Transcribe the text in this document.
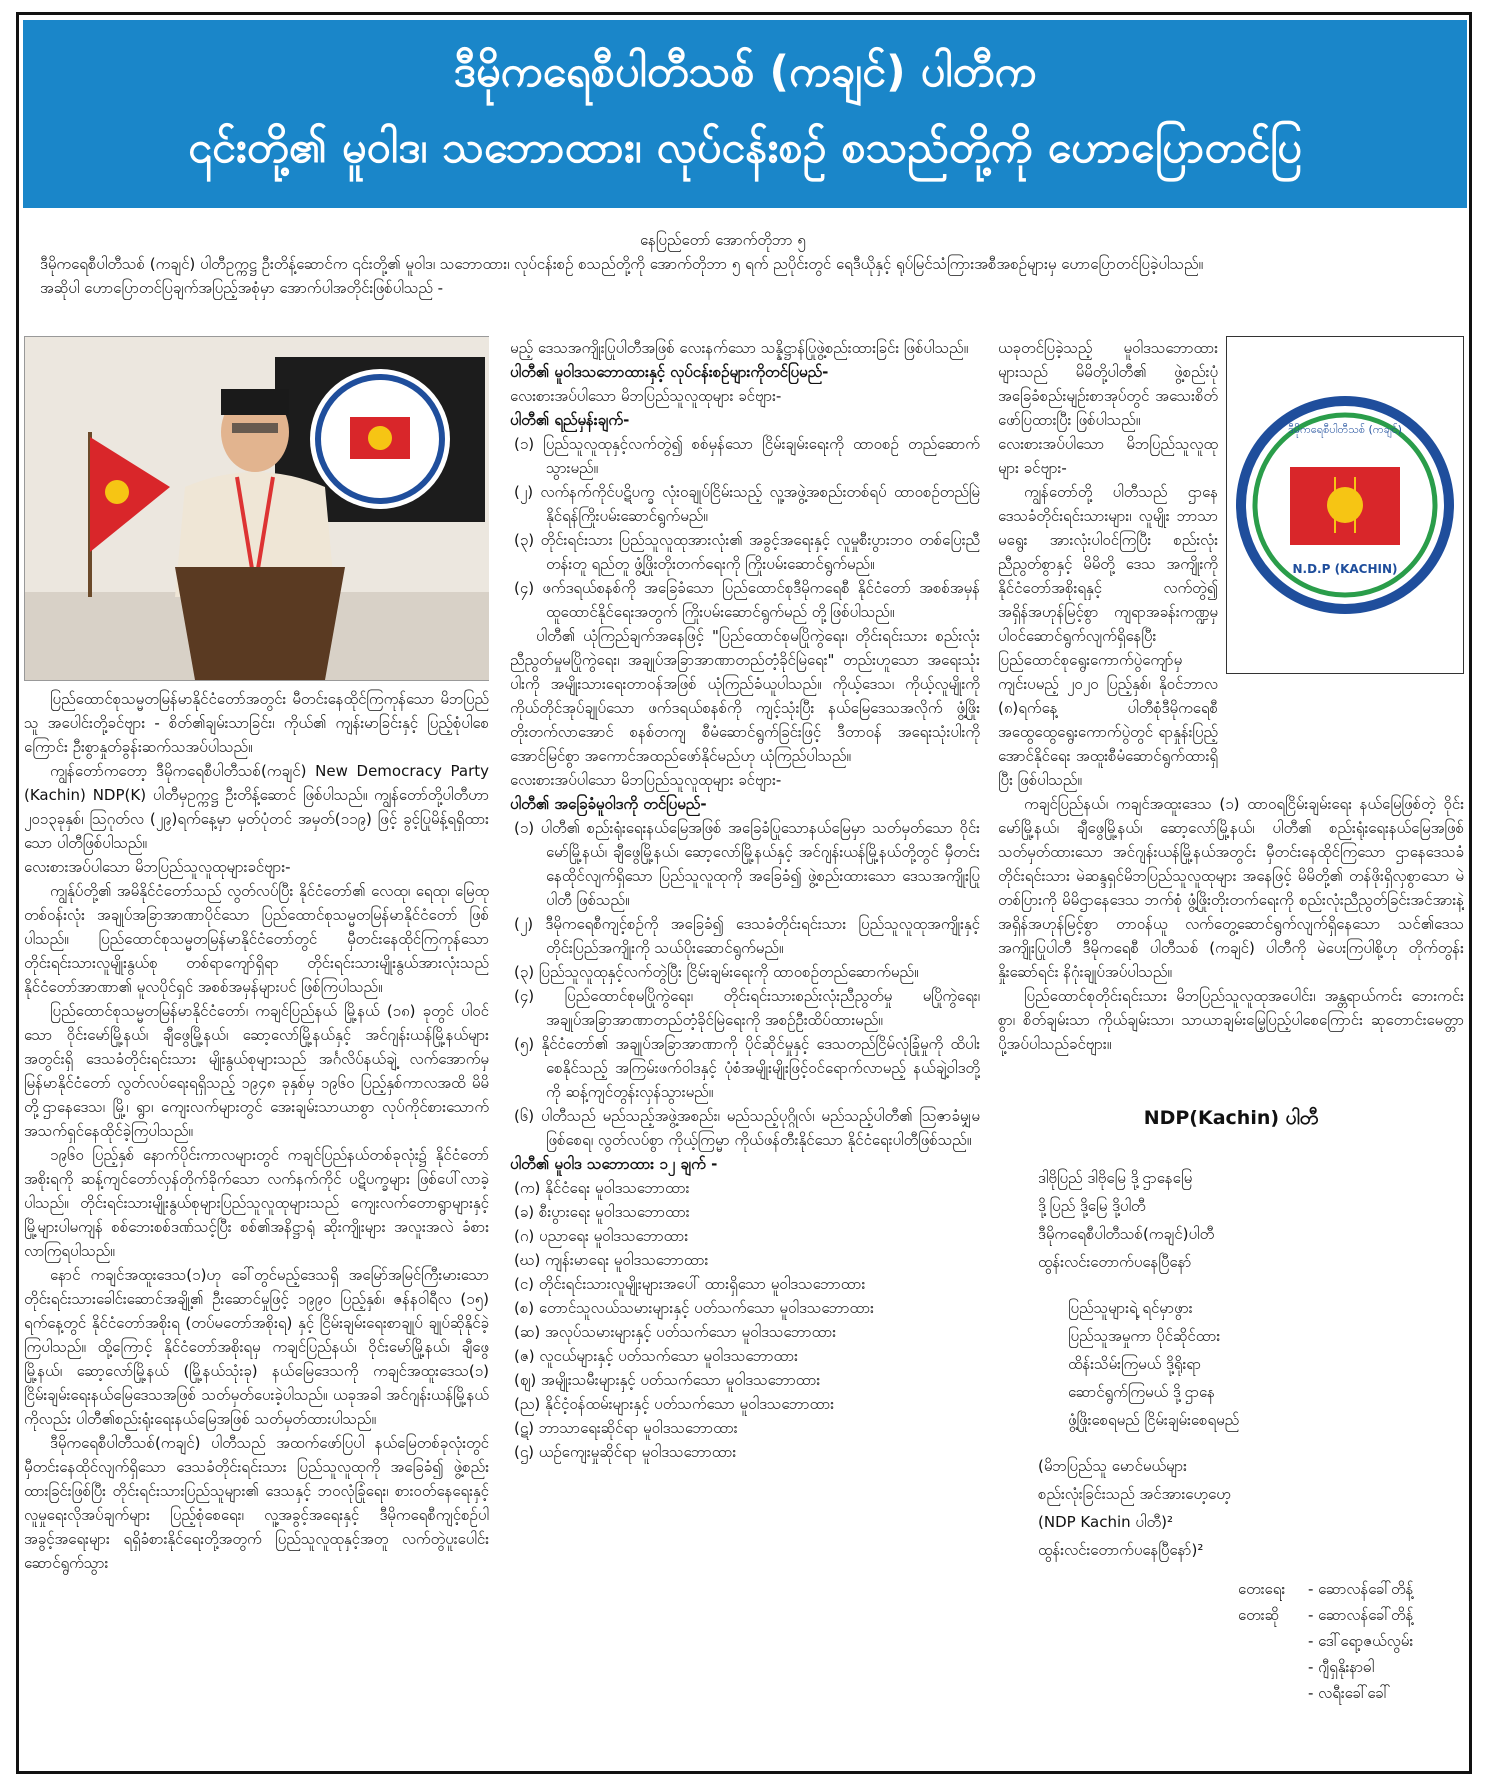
ဒီမိုကရေစီပါတီသစ် (ကချင်) ပါတီက
၎င်းတို့၏ မူဝါဒ၊ သဘောထား၊ လုပ်ငန်းစဉ် စသည်တို့ကို ဟောပြောတင်ပြ

နေပြည်တော် အောက်တိုဘာ ၅

ဒီမိုကရေစီပါတီသစ် (ကချင်) ပါတီဥက္ကဋ္ဌ ဦးတိန့်ဆောင်က ၎င်းတို့၏ မူဝါဒ၊ သဘောထား၊ လုပ်ငန်းစဉ် စသည်တို့ကို အောက်တိုဘာ ၅ ရက် ညပိုင်းတွင် ရေဒီယိုနှင့် ရုပ်မြင်သံကြားအစီအစဉ်များမှ ဟောပြောတင်ပြခဲ့ပါသည်။

အဆိုပါ ဟောပြောတင်ပြချက်အပြည့်အစုံမှာ အောက်ပါအတိုင်းဖြစ်ပါသည် -

ပြည်ထောင်စုသမ္မတမြန်မာနိုင်ငံတော်အတွင်း မီတင်းနေထိုင်ကြကုန်သော မိဘပြည်သူ အပေါင်းတို့ခင်ဗျား - စိတ်၏ချမ်းသာခြင်း၊ ကိုယ်၏ ကျန်းမာခြင်းနှင့် ပြည့်စုံပါစေကြောင်း ဦးစွာနှုတ်ခွန်းဆက်သအပ်ပါသည်။

ကျွန်တော်ကတော့ ဒီမိုကရေစီပါတီသစ်(ကချင်) New Democracy Party (Kachin) NDP(K) ပါတီမှဥက္ကဋ္ဌ ဦးတိန့်ဆောင် ဖြစ်ပါသည်။ ကျွန်တော်တို့ပါတီဟာ ၂၀၁၃ခုနှစ်၊ ဩဂုတ်လ (၂၉)ရက်နေ့မှာ မှတ်ပုံတင် အမှတ်(၁၁၉) ဖြင့် ခွင့်ပြုမိန့်ရရှိထားသော ပါတီဖြစ်ပါသည်။

လေးစားအပ်ပါသော မိဘပြည်သူလူထုများခင်ဗျား-

ကျွန်ုပ်တို့၏ အမိနိုင်ငံတော်သည် လွတ်လပ်ပြီး နိုင်ငံတော်၏ လေထု၊ ရေထု၊ မြေထုတစ်ဝန်းလုံး အချုပ်အခြာအာဏာပိုင်သော ပြည်ထောင်စုသမ္မတမြန်မာနိုင်ငံတော် ဖြစ်ပါသည်။ ပြည်ထောင်စုသမ္မတမြန်မာနိုင်ငံတော်တွင် မှီတင်းနေထိုင်ကြကုန်သော တိုင်းရင်းသားလူမျိုးနွယ်စု တစ်ရာကျော်ရှိရာ တိုင်းရင်းသားမျိုးနွယ်အားလုံးသည် နိုင်ငံတော်အာဏာ၏ မူလပိုင်ရှင် အစစ်အမှန်များပင် ဖြစ်ကြပါသည်။

ပြည်ထောင်စုသမ္မတမြန်မာနိုင်ငံတော်၊ ကချင်ပြည်နယ် မြို့နယ် (၁၈) ခုတွင် ပါဝင်သော ဝိုင်းမော်မြို့နယ်၊ ချီဖွေမြို့နယ်၊ ဆော့လော်မြို့နယ်နှင့် အင်ဂျန်းယန်မြို့နယ်များအတွင်းရှိ ဒေသခံတိုင်းရင်းသား မျိုးနွယ်စုများသည် အင်္ဂလိပ်နယ်ချဲ့ လက်အောက်မှ မြန်မာနိုင်ငံတော် လွတ်လပ်ရေးရရှိသည့် ၁၉၄၈ ခုနှစ်မှ ၁၉၆၀ ပြည့်နှစ်ကာလအထိ မိမိတို့ဌာနေဒေသ၊ မြို့၊ ရွာ၊ ကျေးလက်များတွင် အေးချမ်းသာယာစွာ လုပ်ကိုင်စားသောက် အသက်ရှင်နေထိုင်ခဲ့ကြပါသည်။

၁၉၆၀ ပြည့်နှစ် နောက်ပိုင်းကာလများတွင် ကချင်ပြည်နယ်တစ်ခုလုံး၌ နိုင်ငံတော်အစိုးရကို ဆန့်ကျင်တော်လှန်တိုက်ခိုက်သော လက်နက်ကိုင် ပဋိပက္ခများ ဖြစ်ပေါ်လာခဲ့ပါသည်။ တိုင်းရင်းသားမျိုးနွယ်စုများပြည်သူလူထုများသည် ကျေးလက်တောရွာများနှင့် မြို့များပါမကျန် စစ်ဘေးစစ်ဒဏ်သင့်ပြီး စစ်၏အနိဋ္ဌာရုံ ဆိုးကျိုးများ အလူးအလဲ ခံစားလာကြရပါသည်။

နောင် ကချင်အထူးဒေသ(၁)ဟု ခေါ်တွင်မည့်ဒေသရှိ အမြော်အမြင်ကြီးမားသော တိုင်းရင်းသားခေါင်းဆောင်အချို့၏ ဦးဆောင်မှုဖြင့် ၁၉၉၀ ပြည့်နှစ်၊ ဇန်နဝါရီလ (၁၅) ရက်နေ့တွင် နိုင်ငံတော်အစိုးရ (တပ်မတော်အစိုးရ) နှင့် ငြိမ်းချမ်းရေးစာချုပ် ချုပ်ဆိုနိုင်ခဲ့ကြပါသည်။ ထို့ကြောင့် နိုင်ငံတော်အစိုးရမှ ကချင်ပြည်နယ်၊ ဝိုင်းမော်မြို့နယ်၊ ချီဖွေမြို့နယ်၊ ဆော့လော်မြို့နယ် (မြို့နယ်သုံးခု) နယ်မြေဒေသကို ကချင်အထူးဒေသ(၁) ငြိမ်းချမ်းရေးနယ်မြေဒေသအဖြစ် သတ်မှတ်ပေးခဲ့ပါသည်။ ယခုအခါ အင်ဂျန်းယန်မြို့နယ်ကိုလည်း ပါတီ၏စည်းရုံးရေးနယ်မြေအဖြစ် သတ်မှတ်ထားပါသည်။

ဒီမိုကရေစီပါတီသစ်(ကချင်) ပါတီသည် အထက်ဖော်ပြပါ နယ်မြေတစ်ခုလုံးတွင် မှီတင်းနေထိုင်လျက်ရှိသော ဒေသခံတိုင်းရင်းသား ပြည်သူလူထုကို အခြေခံ၍ ဖွဲ့စည်းထားခြင်းဖြစ်ပြီး တိုင်းရင်းသားပြည်သူများ၏ ဒေသနှင့် ဘဝလုံခြုံရေး၊ စားဝတ်နေရေးနှင့် လူမှုရေးလိုအပ်ချက်များ ပြည့်စုံစေရေး၊ လူ့အခွင့်အရေးနှင့် ဒီမိုကရေစီကျင့်စဉ်ပါ အခွင့်အရေးများ ရရှိခံစားနိုင်ရေးတို့အတွက် ပြည်သူလူထုနှင့်အတူ လက်တွဲပူးပေါင်း ဆောင်ရွက်သွား

မည့် ဒေသအကျိုးပြုပါတီအဖြစ် လေးနက်သော သန္နိဋ္ဌာန်ပြုဖွဲ့စည်းထားခြင်း ဖြစ်ပါသည်။

ပါတီ၏ မူဝါဒသဘောထားနှင့် လုပ်ငန်းစဉ်များကိုတင်ပြမည်-

လေးစားအပ်ပါသော မိဘပြည်သူလူထုများ ခင်ဗျား-

ပါတီ၏ ရည်မှန်းချက်-

(၁) ပြည်သူလူထုနှင့်လက်တွဲ၍ စစ်မှန်သော ငြိမ်းချမ်းရေးကို ထာဝစဉ် တည်ဆောက်သွားမည်။

(၂) လက်နက်ကိုင်ပဋိပက္ခ လုံးဝချုပ်ငြိမ်းသည့် လူ့အဖွဲ့အစည်းတစ်ရပ် ထာဝစဉ်တည်မြဲနိုင်ရန်ကြိုးပမ်းဆောင်ရွက်မည်။

(၃) တိုင်းရင်းသား ပြည်သူလူထုအားလုံး၏ အခွင့်အရေးနှင့် လူမှုစီးပွားဘဝ တစ်ပြေးညီတန်းတူ ရည်တူ ဖွံ့ဖြိုးတိုးတက်ရေးကို ကြိုးပမ်းဆောင်ရွက်မည်။

(၄) ဖက်ဒရယ်စနစ်ကို အခြေခံသော ပြည်ထောင်စုဒီမိုကရေစီ နိုင်ငံတော် အစစ်အမှန်ထူထောင်နိုင်ရေးအတွက် ကြိုးပမ်းဆောင်ရွက်မည် တို့ဖြစ်ပါသည်။

ပါတီ၏ ယုံကြည်ချက်အနေဖြင့် "ပြည်ထောင်စုမပြိုကွဲရေး၊ တိုင်းရင်းသား စည်းလုံးညီညွတ်မှုမပြိုကွဲရေး၊ အချုပ်အခြာအာဏာတည်တံ့ခိုင်မြဲရေး" တည်းဟူသော အရေးသုံးပါးကို အမျိုးသားရေးတာဝန်အဖြစ် ယုံကြည်ခံယူပါသည်။ ကိုယ့်ဒေသ၊ ကိုယ့်လူမျိုးကို ကိုယ်တိုင်အုပ်ချုပ်သော ဖက်ဒရယ်စနစ်ကို ကျင့်သုံးပြီး နယ်မြေဒေသအလိုက် ဖွံ့ဖြိုးတိုးတက်လာအောင် စနစ်တကျ စီမံဆောင်ရွက်ခြင်းဖြင့် ဒီတာဝန် အရေးသုံးပါးကို အောင်မြင်စွာ အကောင်အထည်ဖော်နိုင်မည်ဟု ယုံကြည်ပါသည်။

လေးစားအပ်ပါသော မိဘပြည်သူလူထုများ ခင်ဗျား-

ပါတီ၏ အခြေခံမူဝါဒကို တင်ပြမည်-

(၁) ပါတီ၏ စည်းရုံးရေးနယ်မြေအဖြစ် အခြေခံပြုသောနယ်မြေမှာ သတ်မှတ်သော ဝိုင်းမော်မြို့နယ်၊ ချီဖွေမြို့နယ်၊ ဆော့လော်မြို့နယ်နှင့် အင်ဂျန်းယန်မြို့နယ်တို့တွင် မှီတင်းနေထိုင်လျက်ရှိသော ပြည်သူလူထုကို အခြေခံ၍ ဖွဲ့စည်းထားသော ဒေသအကျိုးပြုပါတီ ဖြစ်သည်။

(၂) ဒီမိုကရေစီကျင့်စဉ်ကို အခြေခံ၍ ဒေသခံတိုင်းရင်းသား ပြည်သူလူထုအကျိုးနှင့် တိုင်းပြည်အကျိုးကို သယ်ပိုးဆောင်ရွက်မည်။

(၃) ပြည်သူလူထုနှင့်လက်တွဲပြီး ငြိမ်းချမ်းရေးကို ထာဝစဉ်တည်ဆောက်မည်။

(၄) ပြည်ထောင်စုမပြိုကွဲရေး၊ တိုင်းရင်းသားစည်းလုံးညီညွတ်မှု မပြိုကွဲရေး၊ အချုပ်အခြာအာဏာတည်တံ့ခိုင်မြဲရေးကို အစဉ်ဦးထိပ်ထားမည်။

(၅) နိုင်ငံတော်၏ အချုပ်အခြာအာဏာကို ပိုင်ဆိုင်မှုနှင့် ဒေသတည်ငြိမ်လုံခြုံမှုကို ထိပါးစေနိုင်သည့် အကြမ်းဖက်ဝါဒနှင့် ပုံစံအမျိုးမျိုးဖြင့်ဝင်ရောက်လာမည့် နယ်ချဲ့ဝါဒတို့ကို ဆန့်ကျင်တွန်းလှန်သွားမည်။

(၆) ပါတီသည် မည်သည့်အဖွဲ့အစည်း၊ မည်သည့်ပုဂ္ဂိုလ်၊ မည်သည့်ပါတီ၏ ဩဇာခံမျှမဖြစ်စေရ၊ လွတ်လပ်စွာ ကိုယ့်ကြမ္မာ ကိုယ်ဖန်တီးနိုင်သော နိုင်ငံရေးပါတီဖြစ်သည်။

ပါတီ၏ မူဝါဒ သဘောထား ၁၂ ချက် -

(က) နိုင်ငံရေး မူဝါဒသဘောထား

(ခ) စီးပွားရေး မူဝါဒသဘောထား

(ဂ) ပညာရေး မူဝါဒသဘောထား

(ဃ) ကျန်းမာရေး မူဝါဒသဘောထား

(င) တိုင်းရင်းသားလူမျိုးများအပေါ် ထားရှိသော မူဝါဒသဘောထား

(စ) တောင်သူလယ်သမားများနှင့် ပတ်သက်သော မူဝါဒသဘောထား

(ဆ) အလုပ်သမားများနှင့် ပတ်သက်သော မူဝါဒသဘောထား

(ဇ) လူငယ်များနှင့် ပတ်သက်သော မူဝါဒသဘောထား

(ဈ) အမျိုးသမီးများနှင့် ပတ်သက်သော မူဝါဒသဘောထား

(ည) နိုင်ငံ့ဝန်ထမ်းများနှင့် ပတ်သက်သော မူဝါဒသဘောထား

(ဋ) ဘာသာရေးဆိုင်ရာ မူဝါဒသဘောထား

(ဌ) ယဉ်ကျေးမှုဆိုင်ရာ မူဝါဒသဘောထား

ဒီမိုကရေစီပါတီသစ် (ကချင်)
N.D.P (KACHIN)

ယခုတင်ပြခဲ့သည့် မူဝါဒသဘောထားများသည် မိမိတို့ပါတီ၏ ဖွဲ့စည်းပုံ အခြေခံစည်းမျဉ်းစာအုပ်တွင် အသေးစိတ်ဖော်ပြထားပြီး ဖြစ်ပါသည်။

လေးစားအပ်ပါသော မိဘပြည်သူလူထုများ ခင်ဗျား-

ကျွန်တော်တို့ ပါတီသည် ဌာနေ ဒေသခံတိုင်းရင်းသားများ၊ လူမျိုး ဘာသာမရွေး အားလုံးပါဝင်ကြပြီး စည်းလုံးညီညွတ်စွာနှင့် မိမိတို့ ဒေသ အကျိုးကို နိုင်ငံတော်အစိုးရနှင့် လက်တွဲ၍ အရှိန်အဟုန်မြင့်စွာ ကျရာအခန်းကဏ္ဍမှ ပါဝင်ဆောင်ရွက်လျက်ရှိနေပြီး ပြည်ထောင်စုရွေးကောက်ပွဲကျော်မှ ကျင်းပမည့် ၂၀၂၀ ပြည့်နှစ်၊ နိုဝင်ဘာလ (၈)ရက်နေ့ ပါတီစုံဒီမိုကရေစီ အထွေထွေရွေးကောက်ပွဲတွင် ရာနှုန်းပြည့်အောင်နိုင်ရေး အထူးစီမံဆောင်ရွက်ထားရှိပြီး ဖြစ်ပါသည်။

ကချင်ပြည်နယ်၊ ကချင်အထူးဒေသ (၁) ထာဝရငြိမ်းချမ်းရေး နယ်မြေဖြစ်တဲ့ ဝိုင်းမော်မြို့နယ်၊ ချီဖွေမြို့နယ်၊ ဆော့လော်မြို့နယ်၊ ပါတီ၏ စည်းရုံးရေးနယ်မြေအဖြစ် သတ်မှတ်ထားသော အင်ဂျန်းယန်မြို့နယ်အတွင်း မှီတင်းနေထိုင်ကြသော ဌာနေဒေသခံတိုင်းရင်းသား မဲဆန္ဒရှင်မိဘပြည်သူလူထုများ အနေဖြင့် မိမိတို့၏ တန်ဖိုးရှိလှစွာသော မဲတစ်ပြားကို မိမိဌာနေဒေသ ဘက်စုံ ဖွံ့ဖြိုးတိုးတက်ရေးကို စည်းလုံးညီညွတ်ခြင်းအင်အားနဲ့ အရှိန်အဟုန်မြင့်စွာ တာဝန်ယူ လက်တွေ့ဆောင်ရွက်လျက်ရှိနေသော သင်၏ဒေသအကျိုးပြုပါတီ ဒီမိုကရေစီ ပါတီသစ် (ကချင်) ပါတီကို မဲပေးကြပါစို့ဟု တိုက်တွန်းနှိုးဆော်ရင်း နိဂုံးချုပ်အပ်ပါသည်။

ပြည်ထောင်စုတိုင်းရင်းသား မိဘပြည်သူလူထုအပေါင်း၊ အန္တရာယ်ကင်း ဘေးကင်းစွာ၊ စိတ်ချမ်းသာ ကိုယ်ချမ်းသာ၊ သာယာချမ်းမြေ့ပြည့်ပါစေကြောင်း ဆုတောင်းမေတ္တာ ပို့အပ်ပါသည်ခင်ဗျား။

NDP(Kachin) ပါတီ
ဒါဗိုပြည် ဒါဗိုမြေ ဒို့ဌာနေမြေ
ဒို့ပြည် ဒို့မြေ ဒို့ပါတီ
ဒီမိုကရေစီပါတီသစ်(ကချင်)ပါတီ
ထွန်းလင်းတောက်ပနေပြီနော်
ပြည်သူများရဲ့ ရင်မှာဖွား
ပြည်သူအမှုကာ ပိုင်ဆိုင်ထား
ထိန်းသိမ်းကြမယ် ဒို့ရိုးရာ
ဆောင်ရွက်ကြမယ် ဒို့ဌာနေ
ဖွံ့ဖြိုးစေရမည် ငြိမ်းချမ်းစေရမည်
(မိဘပြည်သူ မောင်မယ်များ
စည်းလုံးခြင်းသည် အင်အားဟေ့ဟေ့
(NDP Kachin ပါတီ)²
ထွန်းလင်းတောက်ပနေပြီနော်)²
တေးရေး - ဆောလန်ခေါ်တိန့်
တေးဆို - ဆောလန်ခေါ်တိန့်
- ဒေါ်ရော့ဇယ်လွမ်း
- ဂျီရှနိုးနာဓါ
- လရီးခေါ်ခေါ်
